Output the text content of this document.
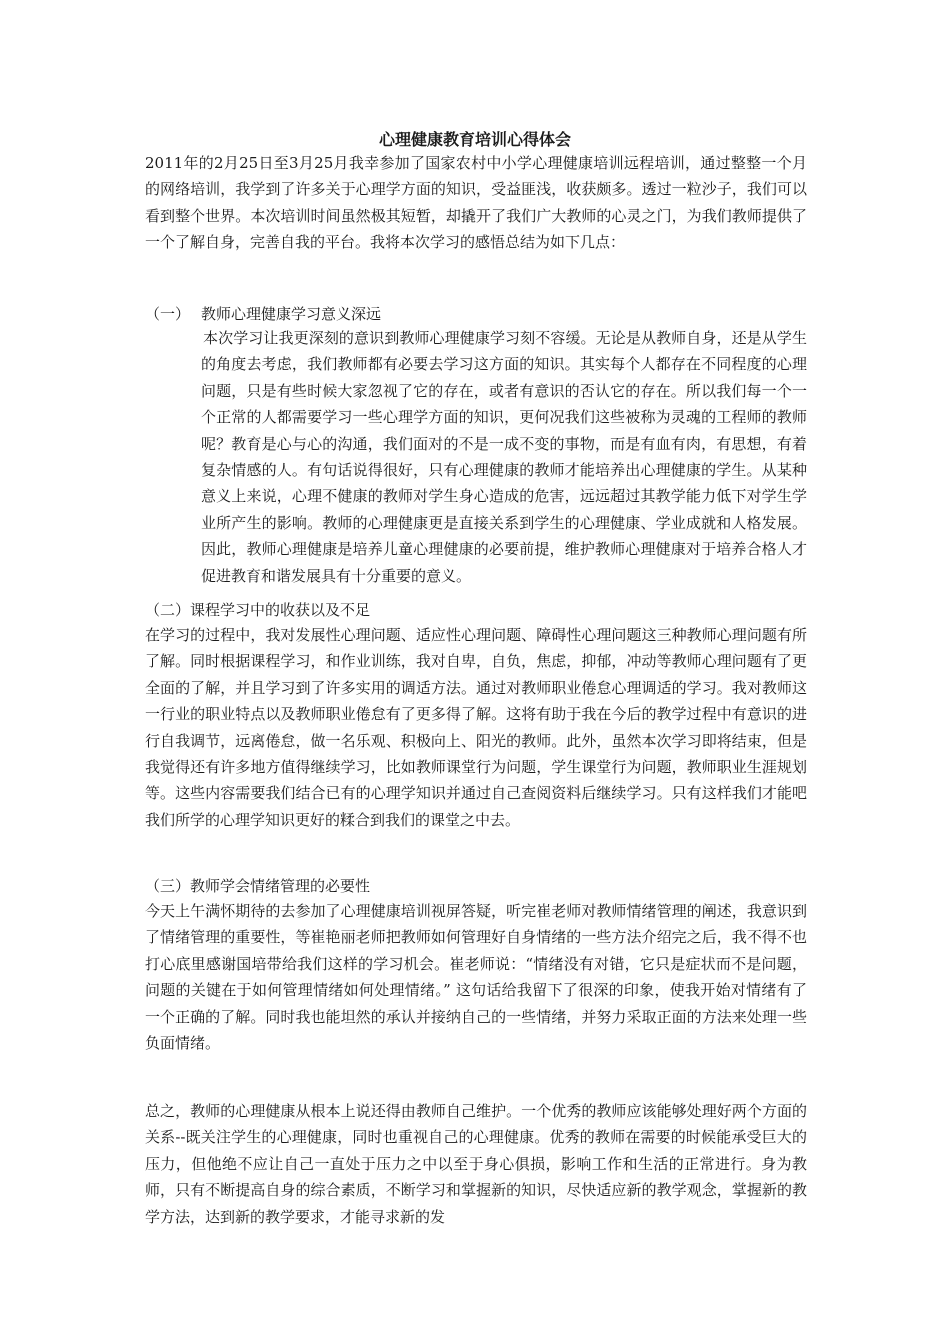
心理健康教育培训心得体会

2011年的2月25日至3月25月我幸参加了国家农村中小学心理健康培训远程培训，通过整整一个月的网络培训，我学到了许多关于心理学方面的知识，受益匪浅，收获颇多。透过一粒沙子，我们可以看到整个世界。本次培训时间虽然极其短暂，却撬开了我们广大教师的心灵之门，为我们教师提供了一个了解自身，完善自我的平台。我将本次学习的感悟总结为如下几点：

（一） 教师心理健康学习意义深远

本次学习让我更深刻的意识到教师心理健康学习刻不容缓。无论是从教师自身，还是从学生的角度去考虑，我们教师都有必要去学习这方面的知识。其实每个人都存在不同程度的心理问题，只是有些时候大家忽视了它的存在，或者有意识的否认它的存在。所以我们每一个一个正常的人都需要学习一些心理学方面的知识，更何况我们这些被称为灵魂的工程师的教师呢？教育是心与心的沟通，我们面对的不是一成不变的事物，而是有血有肉，有思想，有着复杂情感的人。有句话说得很好，只有心理健康的教师才能培养出心理健康的学生。从某种意义上来说，心理不健康的教师对学生身心造成的危害，远远超过其教学能力低下对学生学业所产生的影响。教师的心理健康更是直接关系到学生的心理健康、学业成就和人格发展。因此，教师心理健康是培养儿童心理健康的必要前提，维护教师心理健康对于培养合格人才促进教育和谐发展具有十分重要的意义。

（二）课程学习中的收获以及不足

在学习的过程中，我对发展性心理问题、适应性心理问题、障碍性心理问题这三种教师心理问题有所了解。同时根据课程学习，和作业训练，我对自卑，自负，焦虑，抑郁，冲动等教师心理问题有了更全面的了解，并且学习到了许多实用的调适方法。通过对教师职业倦怠心理调适的学习。我对教师这一行业的职业特点以及教师职业倦怠有了更多得了解。这将有助于我在今后的教学过程中有意识的进行自我调节，远离倦怠，做一名乐观、积极向上、阳光的教师。此外，虽然本次学习即将结束，但是我觉得还有许多地方值得继续学习，比如教师课堂行为问题，学生课堂行为问题，教师职业生涯规划等。这些内容需要我们结合已有的心理学知识并通过自己查阅资料后继续学习。只有这样我们才能吧我们所学的心理学知识更好的糅合到我们的课堂之中去。

（三）教师学会情绪管理的必要性

今天上午满怀期待的去参加了心理健康培训视屏答疑，听完崔老师对教师情绪管理的阐述，我意识到了情绪管理的重要性，等崔艳丽老师把教师如何管理好自身情绪的一些方法介绍完之后，我不得不也打心底里感谢国培带给我们这样的学习机会。崔老师说：“情绪没有对错，它只是症状而不是问题，问题的关键在于如何管理情绪如何处理情绪。” 这句话给我留下了很深的印象，使我开始对情绪有了一个正确的了解。同时我也能坦然的承认并接纳自己的一些情绪，并努力采取正面的方法来处理一些负面情绪。

总之，教师的心理健康从根本上说还得由教师自己维护。一个优秀的教师应该能够处理好两个方面的关系--既关注学生的心理健康，同时也重视自己的心理健康。优秀的教师在需要的时候能承受巨大的压力，但他绝不应让自己一直处于压力之中以至于身心俱损，影响工作和生活的正常进行。身为教师，只有不断提高自身的综合素质，不断学习和掌握新的知识，尽快适应新的教学观念，掌握新的教学方法，达到新的教学要求，才能寻求新的发
